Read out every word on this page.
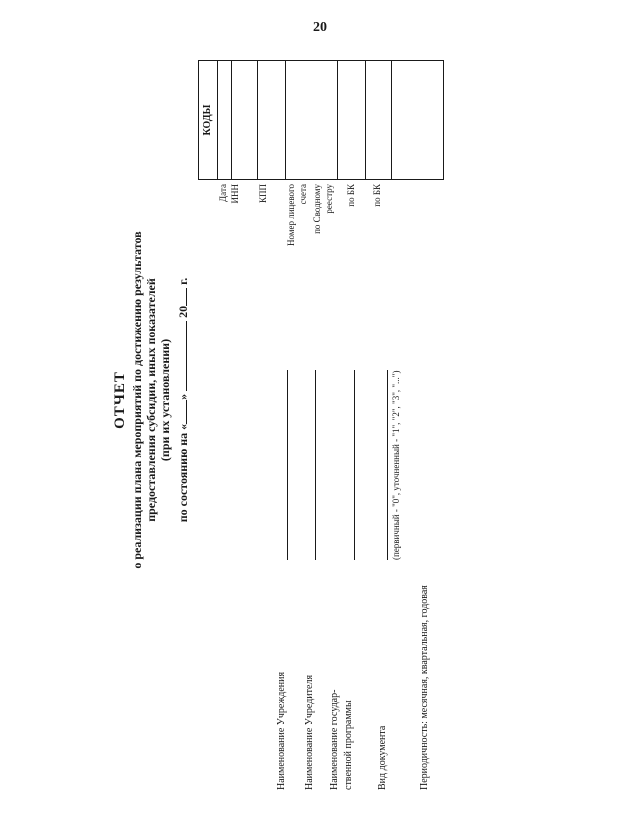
20
ОТЧЕТ о реализации плана мероприятий по достижению результатов предоставления субсидии, иных показателей (при их установлении)
по состоянию на «»  20 г.
Наименование Учреждения Наименование Учредителя Наименование государ- ственной программы Вид документа
(первичный - "0", уточненный - "1", "2", "3", "...")
Периодичность: месячная, квартальная, годовая
Дата ИНН КПП Номер лицевого счета по Сводному реестру по БК по БК
КОДЫ
